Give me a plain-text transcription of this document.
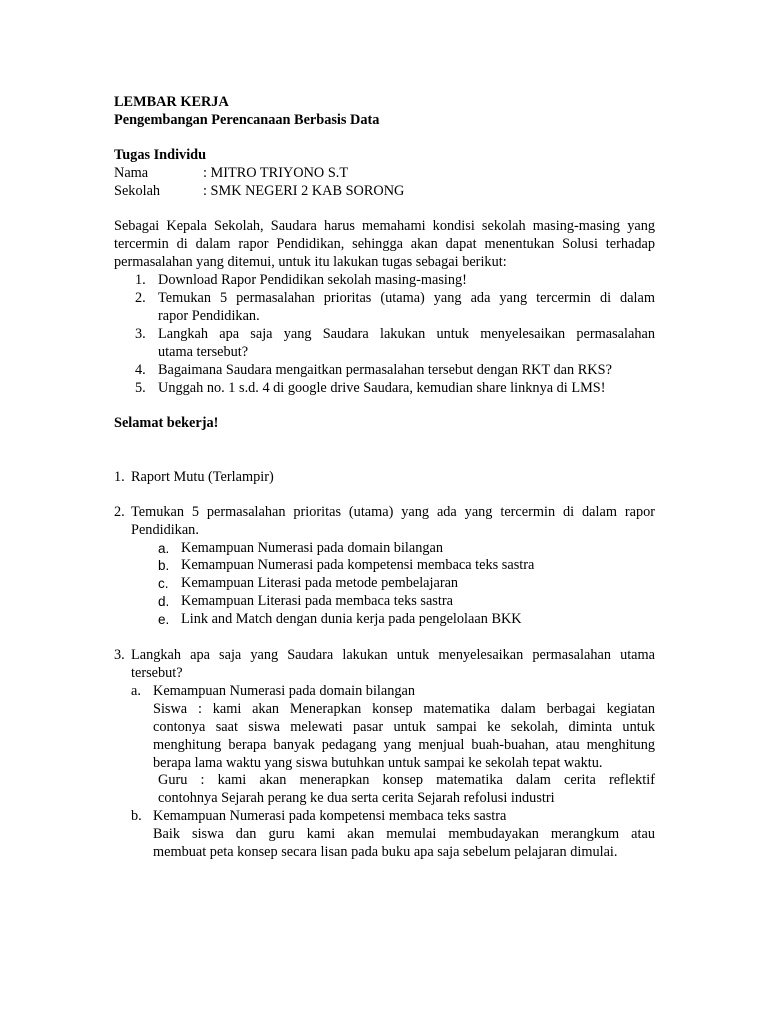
LEMBAR KERJA
Pengembangan Perencanaan Berbasis Data
Tugas Individu
Nama	: MITRO TRIYONO S.T
Sekolah	: SMK NEGERI 2 KAB SORONG
Sebagai Kepala Sekolah, Saudara harus memahami kondisi sekolah masing-masing yang
tercermin di dalam rapor Pendidikan, sehingga akan dapat menentukan Solusi terhadap
permasalahan yang ditemui, untuk itu lakukan tugas sebagai berikut:
1. Download Rapor Pendidikan sekolah masing-masing!
2. Temukan 5 permasalahan prioritas (utama) yang ada yang tercermin di dalam
rapor Pendidikan.
3. Langkah apa saja yang Saudara lakukan untuk menyelesaikan permasalahan
utama tersebut?
4. Bagaimana Saudara mengaitkan permasalahan tersebut dengan RKT dan RKS?
5. Unggah no. 1 s.d. 4 di google drive Saudara, kemudian share linknya di LMS!
Selamat bekerja!
1. Raport Mutu (Terlampir)
2. Temukan 5 permasalahan prioritas (utama) yang ada yang tercermin di dalam rapor
Pendidikan.
a. Kemampuan Numerasi pada domain bilangan
b. Kemampuan Numerasi pada kompetensi membaca teks sastra
c. Kemampuan Literasi pada metode pembelajaran
d. Kemampuan Literasi pada membaca teks sastra
e. Link and Match dengan dunia kerja pada pengelolaan BKK
3. Langkah apa saja yang Saudara lakukan untuk menyelesaikan permasalahan utama
tersebut?
a. Kemampuan Numerasi pada domain bilangan
Siswa : kami akan Menerapkan konsep matematika dalam berbagai kegiatan
contonya saat siswa melewati pasar untuk sampai ke sekolah, diminta untuk
menghitung berapa banyak pedagang yang menjual buah-buahan, atau menghitung
berapa lama waktu yang siswa butuhkan untuk sampai ke sekolah tepat waktu.
Guru : kami akan menerapkan konsep matematika dalam cerita reflektif
contohnya Sejarah perang ke dua serta cerita Sejarah refolusi industri
b. Kemampuan Numerasi pada kompetensi membaca teks sastra
Baik siswa dan guru kami akan memulai membudayakan merangkum atau
membuat peta konsep secara lisan pada buku apa saja sebelum pelajaran dimulai.
